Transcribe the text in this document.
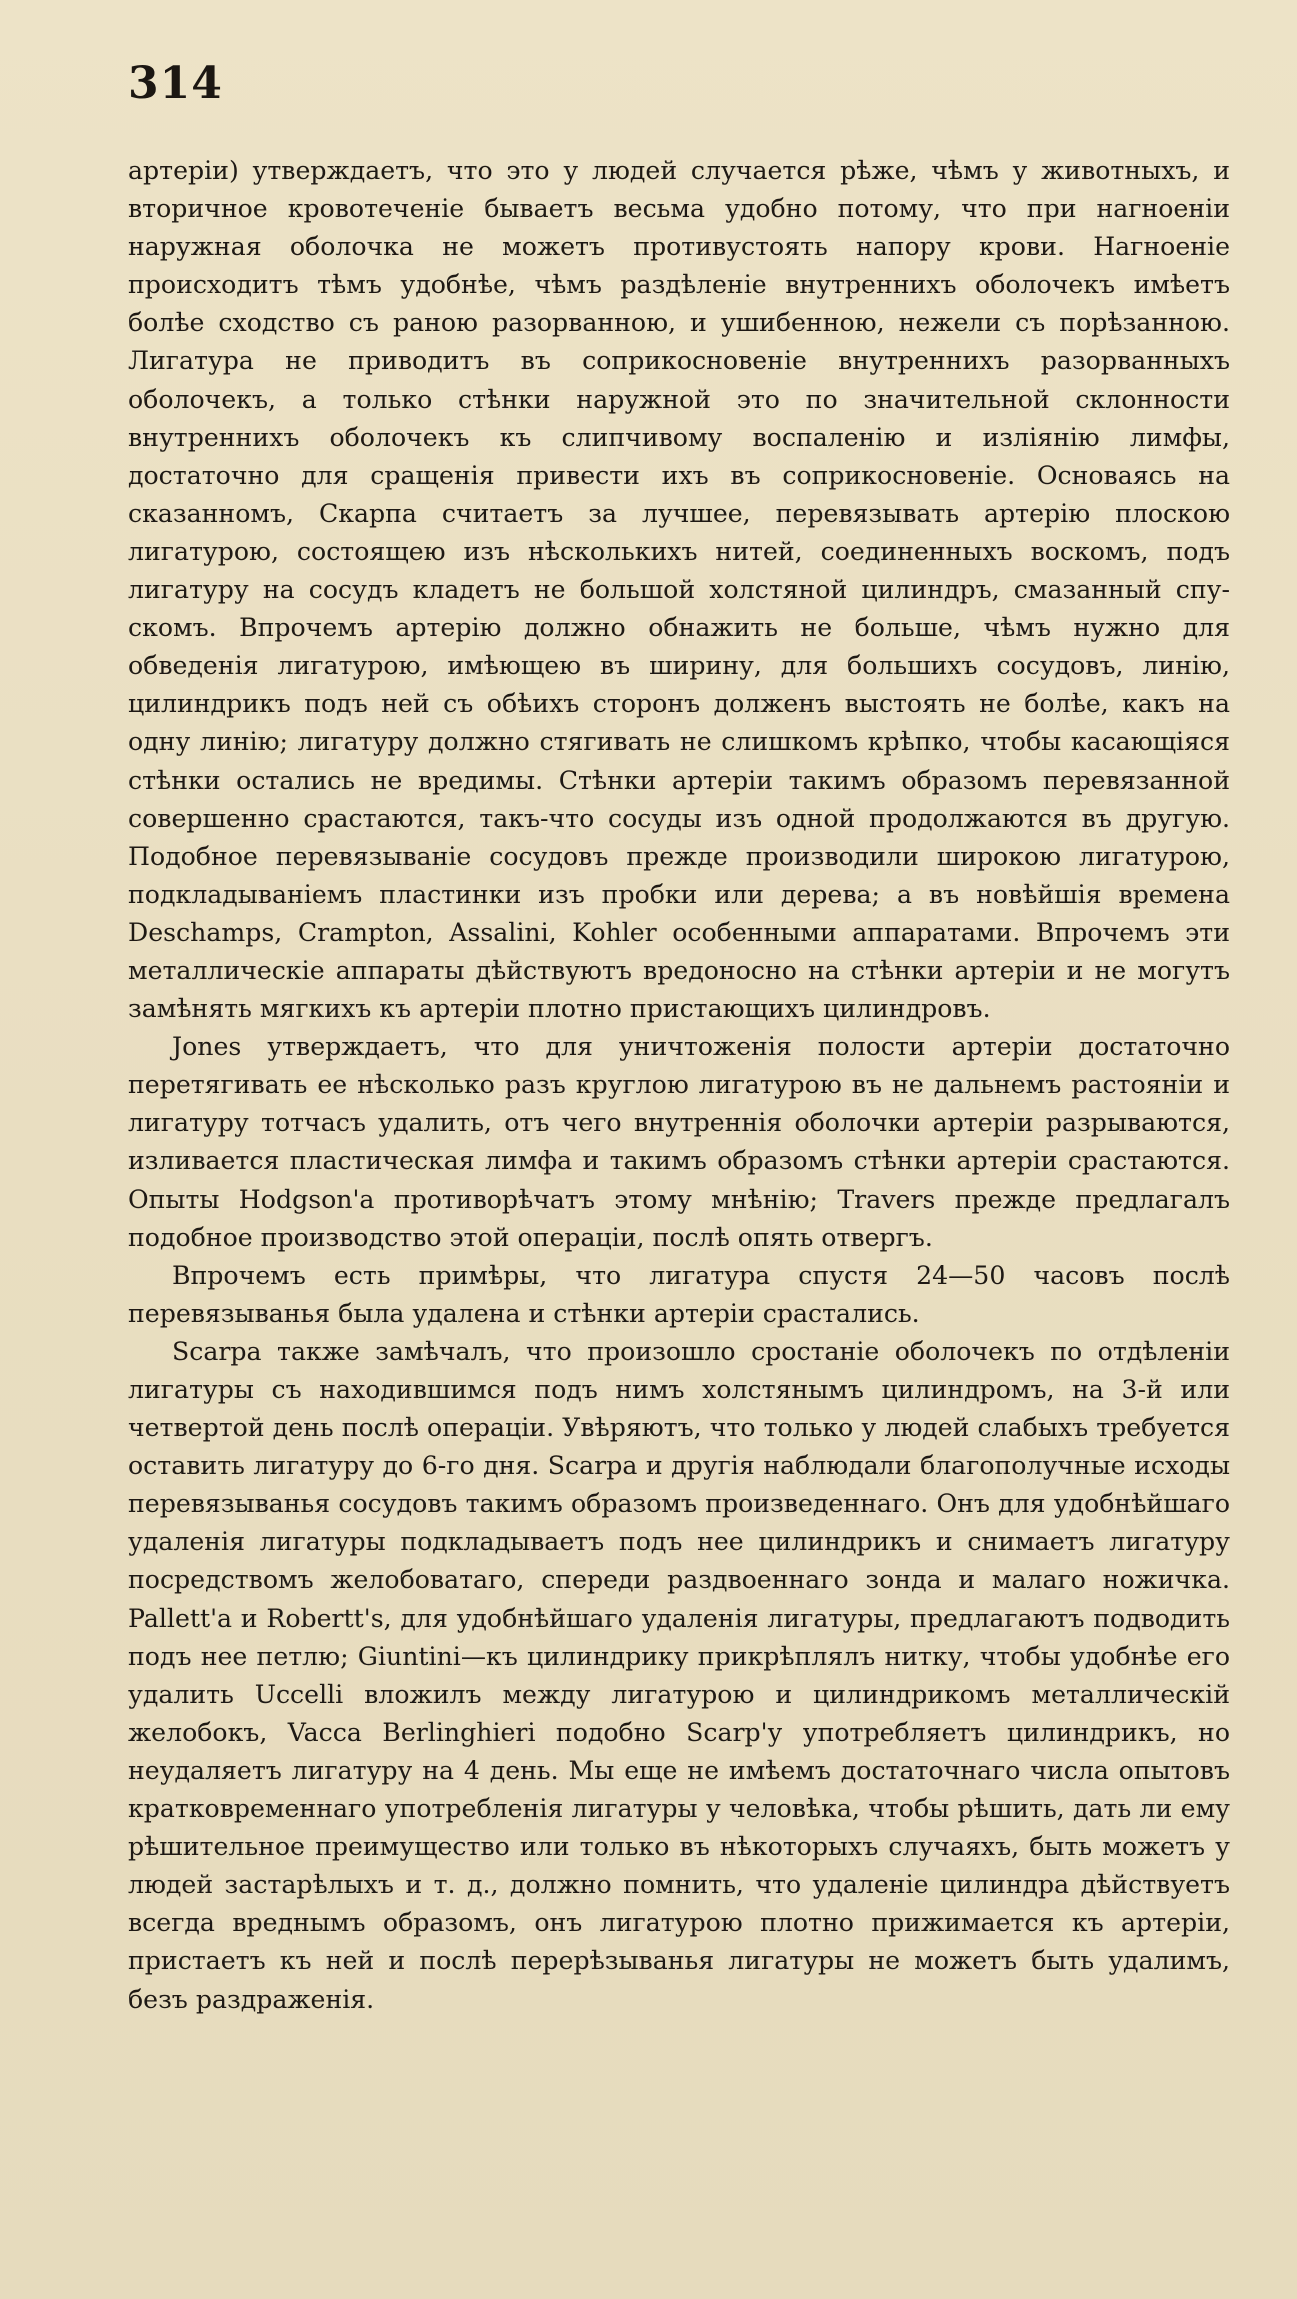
314

артерiи) утверждаетъ, что это у людей случается рѣже, чѣмъ у животныхъ, и вторичное кровотеченiе бываетъ весьма удобно потому, что при нагноенiи наружная оболочка не можетъ противустоять напору крови. Нагноенiе происходитъ тѣмъ удобнѣе, чѣмъ раздѣленiе внутреннихъ оболочекъ имѣетъ болѣе сходство съ раною разорванною, и ушибенною, нежели съ порѣзанною. Лигатура не приводитъ въ соприкосновенiе внутреннихъ разорванныхъ оболочекъ, а только стѣнки наружной это по значительной склонности внутреннихъ оболочекъ къ слипчивому воспаленiю и излiянiю лимфы, достаточно для сращенiя привести ихъ въ соприкосновенiе. Основаясь на сказанномъ, Скарпа считаетъ за лучшее, перевязывать артерiю плоскою лигатурою, состоящею изъ нѣсколькихъ нитей, соединенныхъ воскомъ, подъ лигатуру на сосудъ кладетъ не большой холстяной цилиндръ, смазанный спускомъ. Впрочемъ артерiю должно обнажить не больше, чѣмъ нужно для обведенiя лигатурою, имѣющею въ ширину, для большихъ сосудовъ, линiю, цилиндрикъ подъ ней съ обѣихъ сторонъ долженъ выстоять не болѣе, какъ на одну линiю; лигатуру должно стягивать не слишкомъ крѣпко, чтобы касающiяся стѣнки остались не вредимы. Стѣнки артерiи такимъ образомъ перевязанной совершенно срастаются, такъ-что сосуды изъ одной продолжаются въ другую. Подобное перевязыванiе сосудовъ прежде производили широкою лигатурою, подкладыванiемъ пластинки изъ пробки или дерева; а въ новѣйшiя времена Deschamps, Crampton, Assalini, Kohler особенными аппаратами. Впрочемъ эти металлическiе аппараты дѣйствуютъ вредоносно на стѣнки артерiи и не могутъ замѣнять мягкихъ къ артерiи плотно пристающихъ цилиндровъ.

Jones утверждаетъ, что для уничтоженiя полости артерiи достаточно перетягивать ее нѣсколько разъ круглою лигатурою въ не дальнемъ растоянiи и лигатуру тотчасъ удалить, отъ чего внутреннiя оболочки артерiи разрываются, изливается пластическая лимфа и такимъ образомъ стѣнки артерiи срастаются. Опыты Hodgson'а противорѣчатъ этому мнѣнiю; Travers прежде предлагалъ подобное производство этой операцiи, послѣ опять отвергъ.

Впрочемъ есть примѣры, что лигатура спустя 24—50 часовъ послѣ перевязыванья была удалена и стѣнки артерiи срастались.

Scarpa также замѣчалъ, что произошло сростанiе оболочекъ по отдѣленiи лигатуры съ находившимся подъ нимъ холстянымъ цилиндромъ, на 3-й или четвертой день послѣ операцiи. Увѣряютъ, что только у людей слабыхъ требуется оставить лигатуру до 6-го дня. Scarpa и другiя наблюдали благополучные исходы перевязыванья сосудовъ такимъ образомъ произведеннаго. Онъ для удобнѣйшаго удаленiя лигатуры подкладываетъ подъ нее цилиндрикъ и снимаетъ лигатуру посредствомъ желобоватаго, спереди раздвоеннаго зонда и малаго ножичка. Pallett'а и Robertt's, для удобнѣйшаго удаленiя лигатуры, предлагаютъ подводить подъ нее петлю; Giuntini—къ цилиндрику прикрѣплялъ нитку, чтобы удобнѣе его удалить Uccelli вложилъ между лигатурою и цилиндрикомъ металлическiй желобокъ, Vacca Berlinghieri подобно Scarp'у употребляетъ цилиндрикъ, но неудаляетъ лигатуру на 4 день. Мы еще не имѣемъ достаточнаго числа опытовъ кратковременнаго употребленiя лигатуры у человѣка, чтобы рѣшить, дать ли ему рѣшительное преимущество или только въ нѣкоторыхъ случаяхъ, быть можетъ у людей застарѣлыхъ и т. д., должно помнить, что удаленiе цилиндра дѣйствуетъ всегда вреднымъ образомъ, онъ лигатурою плотно прижимается къ артерiи, пристаетъ къ ней и послѣ перерѣзыванья лигатуры не можетъ быть удалимъ, безъ раздраженiя.
